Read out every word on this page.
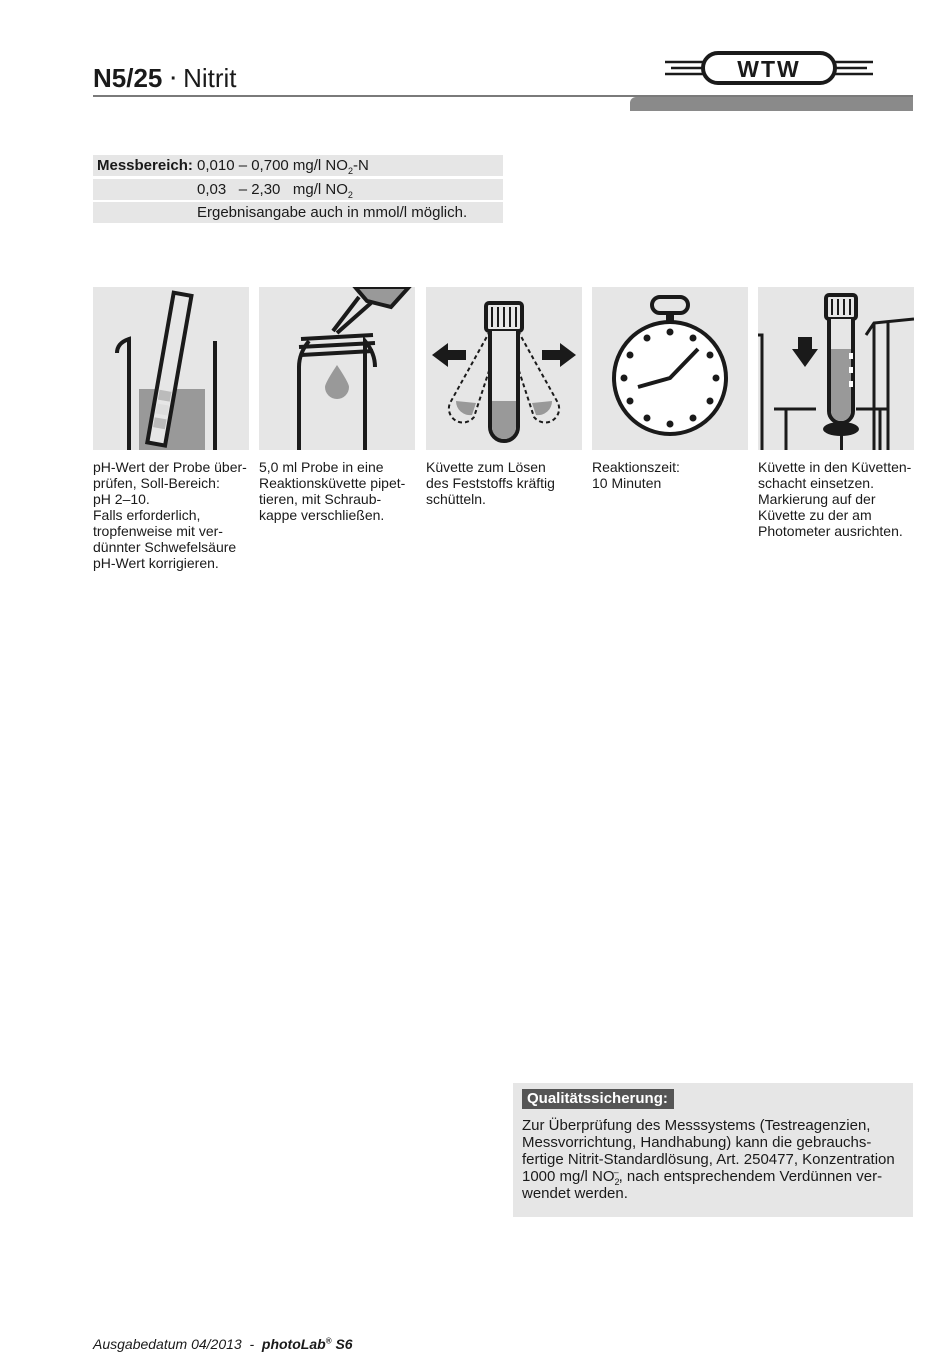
N5/25 · Nitrit	WTW
Messbereich: 0,010 – 0,700 mg/l $NO_2-N$
0,03   – 2,30   mg/l $NO_2$
Ergebnisangabe auch in mmol/l möglich.
pH-Wert der Probe über-
prüfen, Soll-Bereich:
pH 2–10.
Falls erforderlich,
tropfenweise mit ver-
dünnter Schwefelsäure
pH-Wert korrigieren.
5,0 ml Probe in eine
Reaktionsküvette pipet-
tieren, mit Schraub-
kappe verschließen.
Küvette zum Lösen
des Feststoffs kräftig
schütteln.
Reaktionszeit:
10 Minuten
Küvette in den Küvetten-
schacht einsetzen.
Markierung auf der
Küvette zu der am
Photometer ausrichten.
Qualitätssicherung:
Zur Überprüfung des Messsystems (Testreagenzien, Messvorrichtung, Handhabung) kann die gebrauchs-fertige Nitrit-Standardlösung, Art. 250477, Konzentration 1000 mg/l $NO_2^-$, nach entsprechendem Verdünnen ver-wendet werden.
Ausgabedatum 04/2013  -  photoLab® S6
